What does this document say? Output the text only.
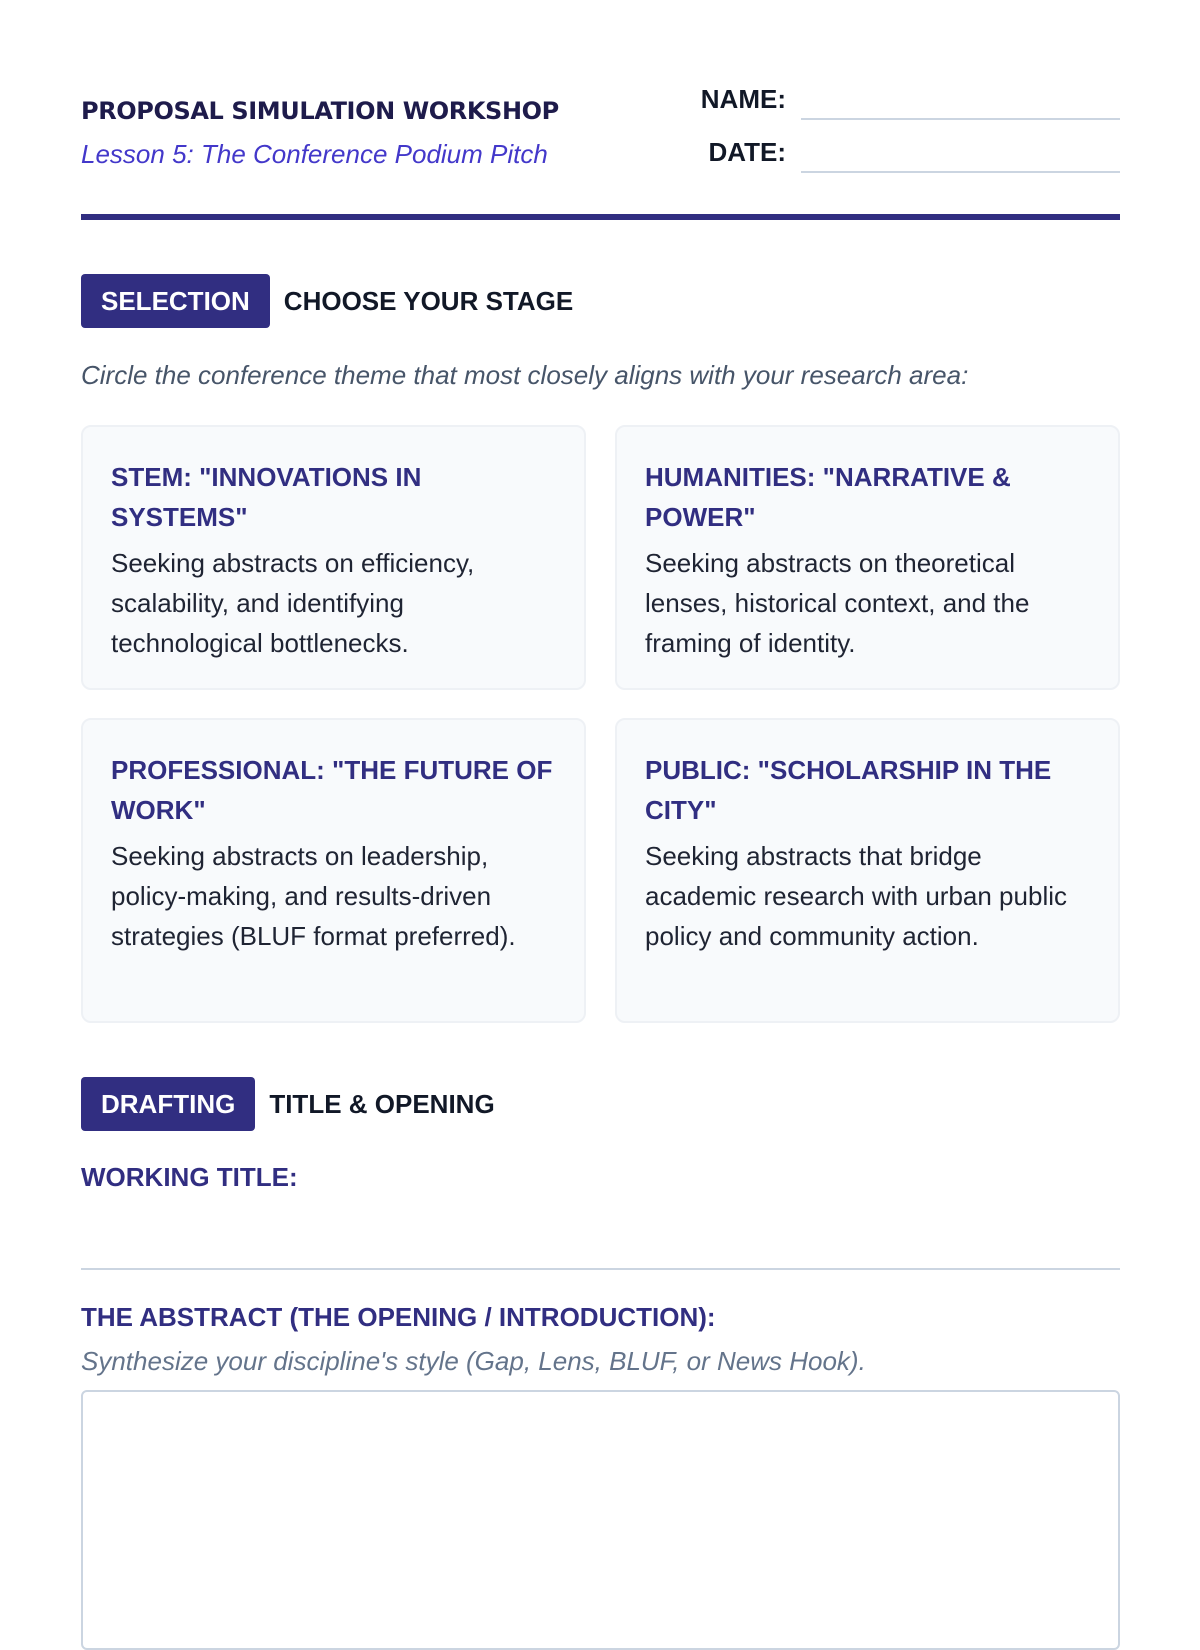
PROPOSAL SIMULATION WORKSHOP
Lesson 5: The Conference Podium Pitch
NAME:
DATE:
SELECTION	CHOOSE YOUR STAGE
Circle the conference theme that most closely aligns with your research area:
STEM: "INNOVATIONS IN SYSTEMS"
Seeking abstracts on efficiency, scalability, and identifying technological bottlenecks.
HUMANITIES: "NARRATIVE & POWER"
Seeking abstracts on theoretical lenses, historical context, and the framing of identity.
PROFESSIONAL: "THE FUTURE OF WORK"
Seeking abstracts on leadership, policy-making, and results-driven strategies (BLUF format preferred).
PUBLIC: "SCHOLARSHIP IN THE CITY"
Seeking abstracts that bridge academic research with urban public policy and community action.
DRAFTING	TITLE & OPENING
WORKING TITLE:
THE ABSTRACT (THE OPENING / INTRODUCTION):
Synthesize your discipline's style (Gap, Lens, BLUF, or News Hook).
